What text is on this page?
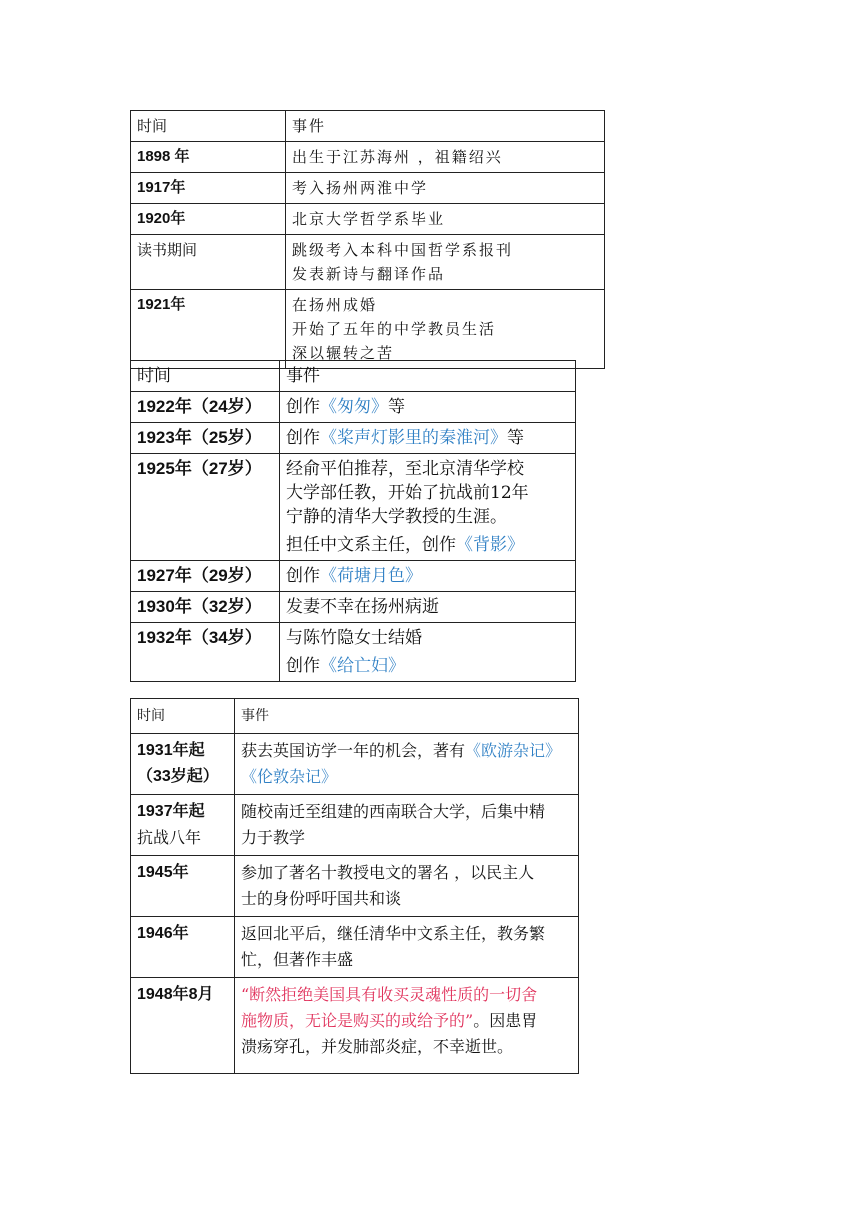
时间	事件
1898 年	出生于江苏海州 ，祖籍绍兴

1917年	考入扬州两淮中学

1920年	北京大学哲学系毕业

读书期间	跳级考入本科中国哲学系报刊
发表新诗与翻译作品

1921年	在扬州成婚
开始了五年的中学教员生活
深以辗转之苦
时间	事件
1922年（24岁）	创作《匆匆》等

1923年（25岁）	创作《桨声灯影里的秦淮河》等

1925年（27岁）	经俞平伯推荐，至北京清华学校
大学部任教，开始了抗战前12年
宁静的清华大学教授的生涯。
担任中文系主任，创作《背影》

1927年（29岁）	创作《荷塘月色》

1930年（32岁）	发妻不幸在扬州病逝

1932年（34岁）	与陈竹隐女士结婚
创作《给亡妇》
时间	事件

1931年起
（33岁起）	获去英国访学一年的机会，著有《欧游杂记》
《伦敦杂记》

1937年起
抗战八年	随校南迁至组建的西南联合大学，后集中精
力于教学

1945年	参加了著名十教授电文的署名 ，以民主人
士的身份呼吁国共和谈

1946年	返回北平后，继任清华中文系主任，教务繁
忙，但著作丰盛

1948年8月	“断然拒绝美国具有收买灵魂性质的一切舍
施物质，无论是购买的或给予的”。因患胃
溃疡穿孔，并发肺部炎症，不幸逝世。
